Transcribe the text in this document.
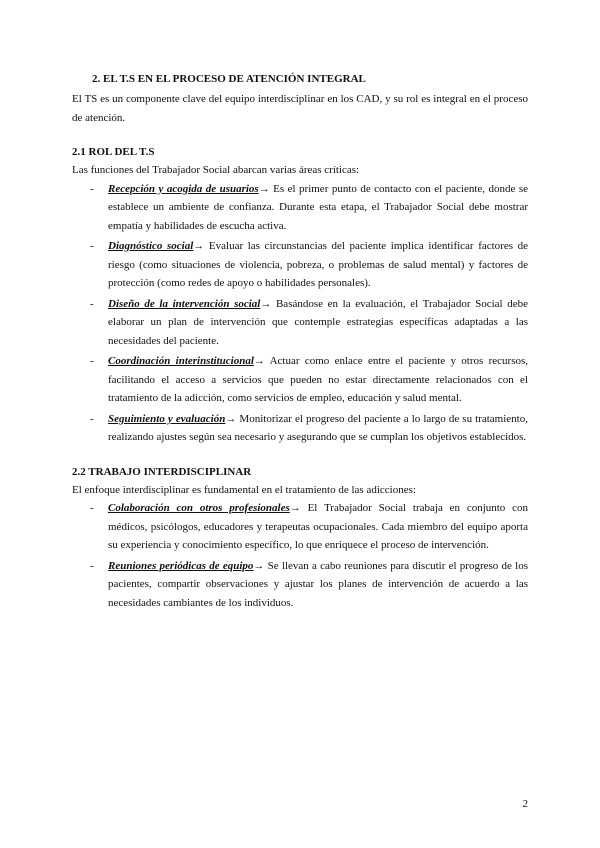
2. EL T.S EN EL PROCESO DE ATENCIÓN INTEGRAL

El TS es un componente clave del equipo interdisciplinar en los CAD, y su rol es integral en el proceso de atención.

2.1 ROL DEL T.S

Las funciones del Trabajador Social abarcan varias áreas críticas:

- Recepción y acogida de usuarios→ Es el primer punto de contacto con el paciente, donde se establece un ambiente de confianza. Durante esta etapa, el Trabajador Social debe mostrar empatía y habilidades de escucha activa.
- Diagnóstico social→ Evaluar las circunstancias del paciente implica identificar factores de riesgo (como situaciones de violencia, pobreza, o problemas de salud mental) y factores de protección (como redes de apoyo o habilidades personales).
- Diseño de la intervención social→ Basándose en la evaluación, el Trabajador Social debe elaborar un plan de intervención que contemple estrategias específicas adaptadas a las necesidades del paciente.
- Coordinación interinstitucional→ Actuar como enlace entre el paciente y otros recursos, facilitando el acceso a servicios que pueden no estar directamente relacionados con el tratamiento de la adicción, como servicios de empleo, educación y salud mental.
- Seguimiento y evaluación→ Monitorizar el progreso del paciente a lo largo de su tratamiento, realizando ajustes según sea necesario y asegurando que se cumplan los objetivos establecidos.
2.2 TRABAJO INTERDISCIPLINAR

El enfoque interdisciplinar es fundamental en el tratamiento de las adicciones:

- Colaboración con otros profesionales→ El Trabajador Social trabaja en conjunto con médicos, psicólogos, educadores y terapeutas ocupacionales. Cada miembro del equipo aporta su experiencia y conocimiento específico, lo que enriquece el proceso de intervención.
- Reuniones periódicas de equipo→ Se llevan a cabo reuniones para discutir el progreso de los pacientes, compartir observaciones y ajustar los planes de intervención de acuerdo a las necesidades cambiantes de los individuos.
2
